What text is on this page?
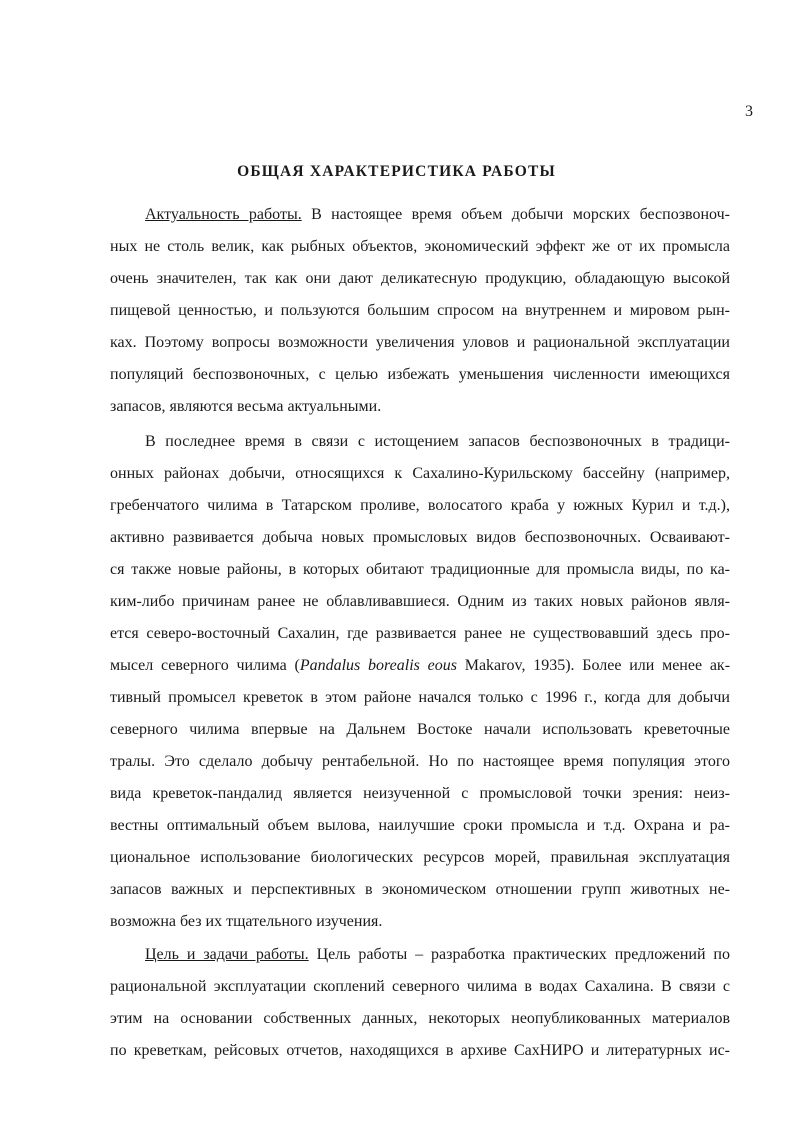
3
ОБЩАЯ ХАРАКТЕРИСТИКА РАБОТЫ
Актуальность работы. В настоящее время объем добычи морских беспозвоноч-
ных не столь велик, как рыбных объектов, экономический эффект же от их промысла
очень значителен, так как они дают деликатесную продукцию, обладающую высокой
пищевой ценностью, и пользуются большим спросом на внутреннем и мировом рын-
ках. Поэтому вопросы возможности увеличения уловов и рациональной эксплуатации
популяций беспозвоночных, с целью избежать уменьшения численности имеющихся
запасов, являются весьма актуальными.
В последнее время в связи с истощением запасов беспозвоночных в традици-
онных районах добычи, относящихся к Сахалино-Курильскому бассейну (например,
гребенчатого чилима в Татарском проливе, волосатого краба у южных Курил и т.д.),
активно развивается добыча новых промысловых видов беспозвоночных. Осваивают-
ся также новые районы, в которых обитают традиционные для промысла виды, по ка-
ким-либо причинам ранее не облавливавшиеся. Одним из таких новых районов явля-
ется северо-восточный Сахалин, где развивается ранее не существовавший здесь про-
мысел северного чилима (Pandalus borealis eous Makarov, 1935). Более или менее ак-
тивный промысел креветок в этом районе начался только с 1996 г., когда для добычи
северного чилима впервые на Дальнем Востоке начали использовать креветочные
тралы. Это сделало добычу рентабельной. Но по настоящее время популяция этого
вида креветок-пандалид является неизученной с промысловой точки зрения: неиз-
вестны оптимальный объем вылова, наилучшие сроки промысла и т.д. Охрана и ра-
циональное использование биологических ресурсов морей, правильная эксплуатация
запасов важных и перспективных в экономическом отношении групп животных не-
возможна без их тщательного изучения.
Цель и задачи работы. Цель работы – разработка практических предложений по
рациональной эксплуатации скоплений северного чилима в водах Сахалина. В связи с
этим на основании собственных данных, некоторых неопубликованных материалов
по креветкам, рейсовых отчетов, находящихся в архиве СахНИРО и литературных ис-
